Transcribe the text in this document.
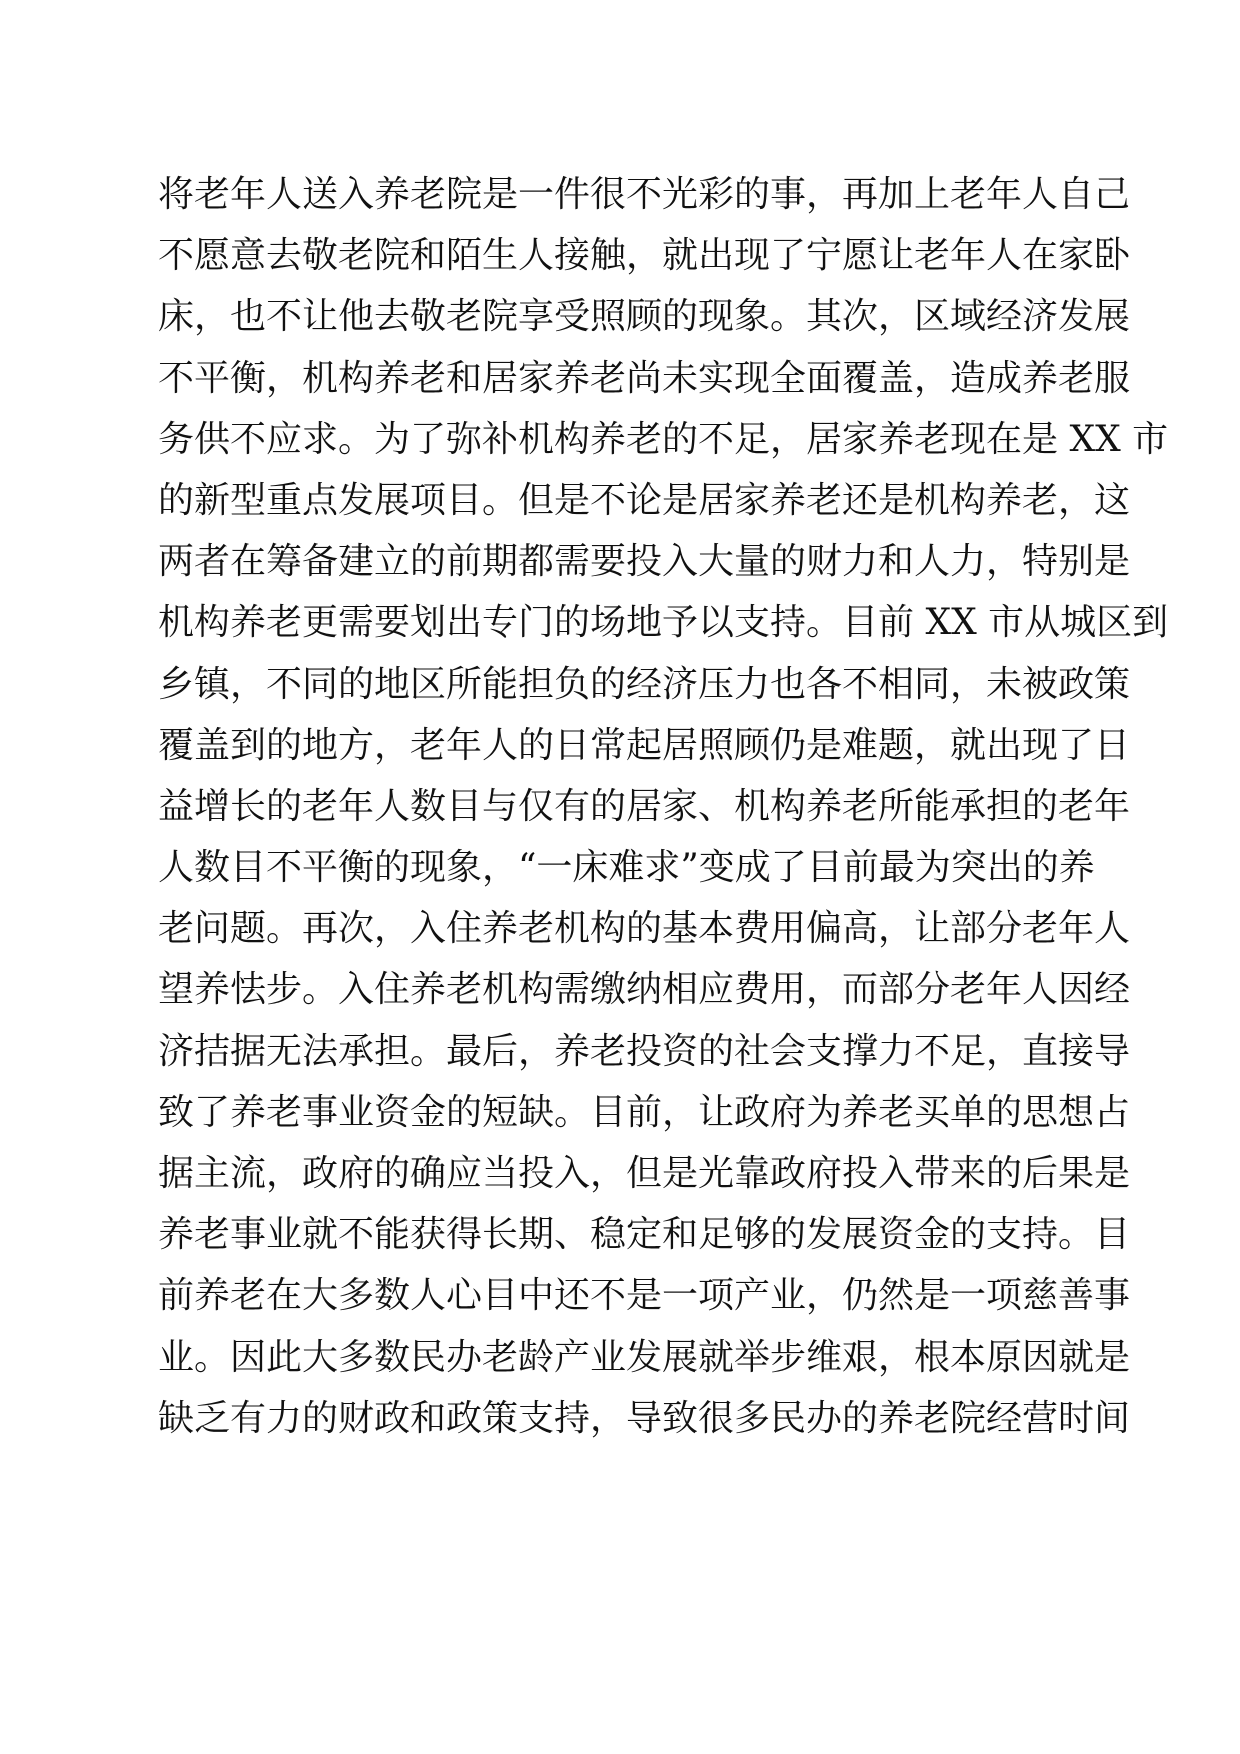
将老年人送入养老院是一件很不光彩的事，再加上老年人自己
不愿意去敬老院和陌生人接触，就出现了宁愿让老年人在家卧
床，也不让他去敬老院享受照顾的现象。其次，区域经济发展
不平衡，机构养老和居家养老尚未实现全面覆盖，造成养老服
务供不应求。为了弥补机构养老的不足，居家养老现在是 XX 市
的新型重点发展项目。但是不论是居家养老还是机构养老，这
两者在筹备建立的前期都需要投入大量的财力和人力，特别是
机构养老更需要划出专门的场地予以支持。目前 XX 市从城区到
乡镇，不同的地区所能担负的经济压力也各不相同，未被政策
覆盖到的地方，老年人的日常起居照顾仍是难题，就出现了日
益增长的老年人数目与仅有的居家、机构养老所能承担的老年
人数目不平衡的现象，“一床难求”变成了目前最为突出的养
老问题。再次，入住养老机构的基本费用偏高，让部分老年人
望养怯步。入住养老机构需缴纳相应费用，而部分老年人因经
济拮据无法承担。最后，养老投资的社会支撑力不足，直接导
致了养老事业资金的短缺。目前，让政府为养老买单的思想占
据主流，政府的确应当投入，但是光靠政府投入带来的后果是
养老事业就不能获得长期、稳定和足够的发展资金的支持。目
前养老在大多数人心目中还不是一项产业，仍然是一项慈善事
业。因此大多数民办老龄产业发展就举步维艰，根本原因就是
缺乏有力的财政和政策支持，导致很多民办的养老院经营时间
